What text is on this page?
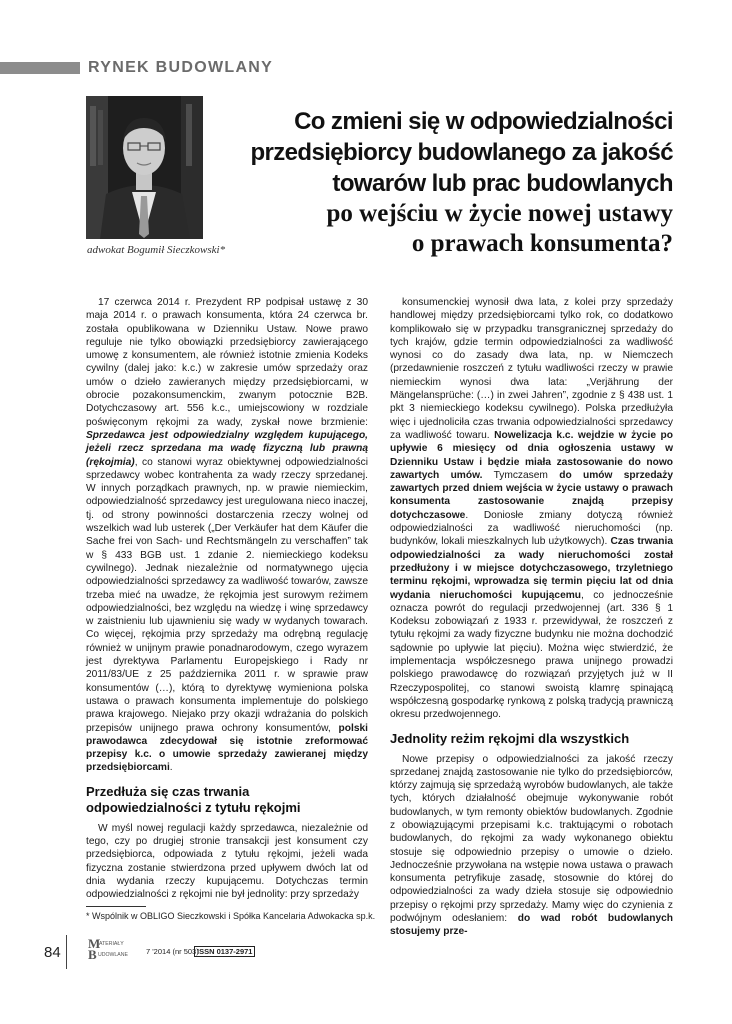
RYNEK BUDOWLANY
adwokat Bogumił Sieczkowski*
Co zmieni się w odpowiedzialności
przedsiębiorcy budowlanego za jakość
towarów lub prac budowlanych
po wejściu w życie nowej ustawy
o prawach konsumenta?

17 czerwca 2014 r. Prezydent RP podpisał ustawę z 30 maja 2014 r. o prawach konsumenta, która 24 czerwca br. została opublikowana w Dzienniku Ustaw. Nowe prawo reguluje nie tylko obowiązki przedsiębiorcy zawierającego umowę z konsumentem, ale również istotnie zmienia Kodeks cywilny (dalej jako: k.c.) w zakresie umów sprzedaży oraz umów o dzieło zawieranych między przedsiębiorcami, w obrocie pozakonsumenckim, zwanym potocznie B2B. Dotychczasowy art. 556 k.c., umiejscowiony w rozdziale poświęconym rękojmi za wady, zyskał nowe brzmienie: Sprzedawca jest odpowiedzialny względem kupującego, jeżeli rzecz sprzedana ma wadę fizyczną lub prawną (rękojmia), co stanowi wyraz obiektywnej odpowiedzialności sprzedawcy wobec kontrahenta za wady rzeczy sprzedanej. W innych porządkach prawnych, np. w prawie niemieckim, odpowiedzialność sprzedawcy jest uregulowana nieco inaczej, tj. od strony powinności dostarczenia rzeczy wolnej od wszelkich wad lub usterek („Der Verkäufer hat dem Käufer die Sache frei von Sach- und Rechtsmängeln zu verschaffen” tak w § 433 BGB ust. 1 zdanie 2. niemieckiego kodeksu cywilnego). Jednak niezależnie od normatywnego ujęcia odpowiedzialności sprzedawcy za wadliwość towarów, zawsze trzeba mieć na uwadze, że rękojmia jest surowym reżimem odpowiedzialności, bez względu na wiedzę i winę sprzedawcy w zaistnieniu lub ujawnieniu się wady w wydanych towarach. Co więcej, rękojmia przy sprzedaży ma odrębną regulację również w unijnym prawie ponadnarodowym, czego wyrazem jest dyrektywa Parlamentu Europejskiego i Rady nr 2011/83/UE z 25 października 2011 r. w sprawie praw konsumentów (…), którą to dyrektywę wymieniona polska ustawa o prawach konsumenta implementuje do polskiego prawa krajowego. Niejako przy okazji wdrażania do polskich przepisów unijnego prawa ochrony konsumentów, polski prawodawca zdecydował się istotnie zreformować przepisy k.c. o umowie sprzedaży zawieranej między przedsiębiorcami.

Przedłuża się czas trwania odpowiedzialności z tytułu rękojmi

W myśl nowej regulacji każdy sprzedawca, niezależnie od tego, czy po drugiej stronie transakcji jest konsument czy przedsiębiorca, odpowiada z tytułu rękojmi, jeżeli wada fizyczna zostanie stwierdzona przed upływem dwóch lat od dnia wydania rzeczy kupującemu. Dotychczas termin odpowiedzialności z rękojmi nie był jednolity: przy sprzedaży

konsumenckiej wynosił dwa lata, z kolei przy sprzedaży handlowej między przedsiębiorcami tylko rok, co dodatkowo komplikowało się w przypadku transgranicznej sprzedaży do tych krajów, gdzie termin odpowiedzialności za wadliwość wynosi co do zasady dwa lata, np. w Niemczech (przedawnienie roszczeń z tytułu wadliwości rzeczy w prawie niemieckim wynosi dwa lata: „Verjährung der Mängelansprüche: (…) in zwei Jahren”, zgodnie z § 438 ust. 1 pkt 3 niemieckiego kodeksu cywilnego). Polska przedłużyła więc i ujednoliciła czas trwania odpowiedzialności sprzedawcy za wadliwość towaru. Nowelizacja k.c. wejdzie w życie po upływie 6 miesięcy od dnia ogłoszenia ustawy w Dzienniku Ustaw i będzie miała zastosowanie do nowo zawartych umów. Tymczasem do umów sprzedaży zawartych przed dniem wejścia w życie ustawy o prawach konsumenta zastosowanie znajdą przepisy dotychczasowe. Doniosłe zmiany dotyczą również odpowiedzialności za wadliwość nieruchomości (np. budynków, lokali mieszkalnych lub użytkowych). Czas trwania odpowiedzialności za wady nieruchomości został przedłużony i w miejsce dotychczasowego, trzyletniego terminu rękojmi, wprowadza się termin pięciu lat od dnia wydania nieruchomości kupującemu, co jednocześnie oznacza powrót do regulacji przedwojennej (art. 336 § 1 Kodeksu zobowiązań z 1933 r. przewidywał, że roszczeń z tytułu rękojmi za wady fizyczne budynku nie można dochodzić sądownie po upływie lat pięciu). Można więc stwierdzić, że implementacja współczesnego prawa unijnego prowadzi polskiego prawodawcę do rozwiązań przyjętych już w II Rzeczypospolitej, co stanowi swoistą klamrę spinającą współczesną gospodarkę rynkową z polską tradycją prawniczą okresu przedwojennego.

Jednolity reżim rękojmi dla wszystkich

Nowe przepisy o odpowiedzialności za jakość rzeczy sprzedanej znajdą zastosowanie nie tylko do przedsiębiorców, którzy zajmują się sprzedażą wyrobów budowlanych, ale także tych, których działalność obejmuje wykonywanie robót budowlanych, w tym remonty obiektów budowlanych. Zgodnie z obowiązującymi przepisami k.c. traktującymi o robotach budowlanych, do rękojmi za wady wykonanego obiektu stosuje się odpowiednio przepisy o umowie o dzieło. Jednocześnie przywołana na wstępie nowa ustawa o prawach konsumenta petryfikuje zasadę, stosownie do której do odpowiedzialności za wady dzieła stosuje się odpowiednio przepisy o rękojmi przy sprzedaży. Mamy więc do czynienia z podwójnym odesłaniem: do wad robót budowlanych stosujemy prze-

* Wspólnik w OBLIGO Sieczkowski i Spółka Kancelaria Adwokacka sp.k.
84
M
B
ATERIAŁY
UDOWLANE 7 '2014 (nr 503)
ISSN 0137-2971
